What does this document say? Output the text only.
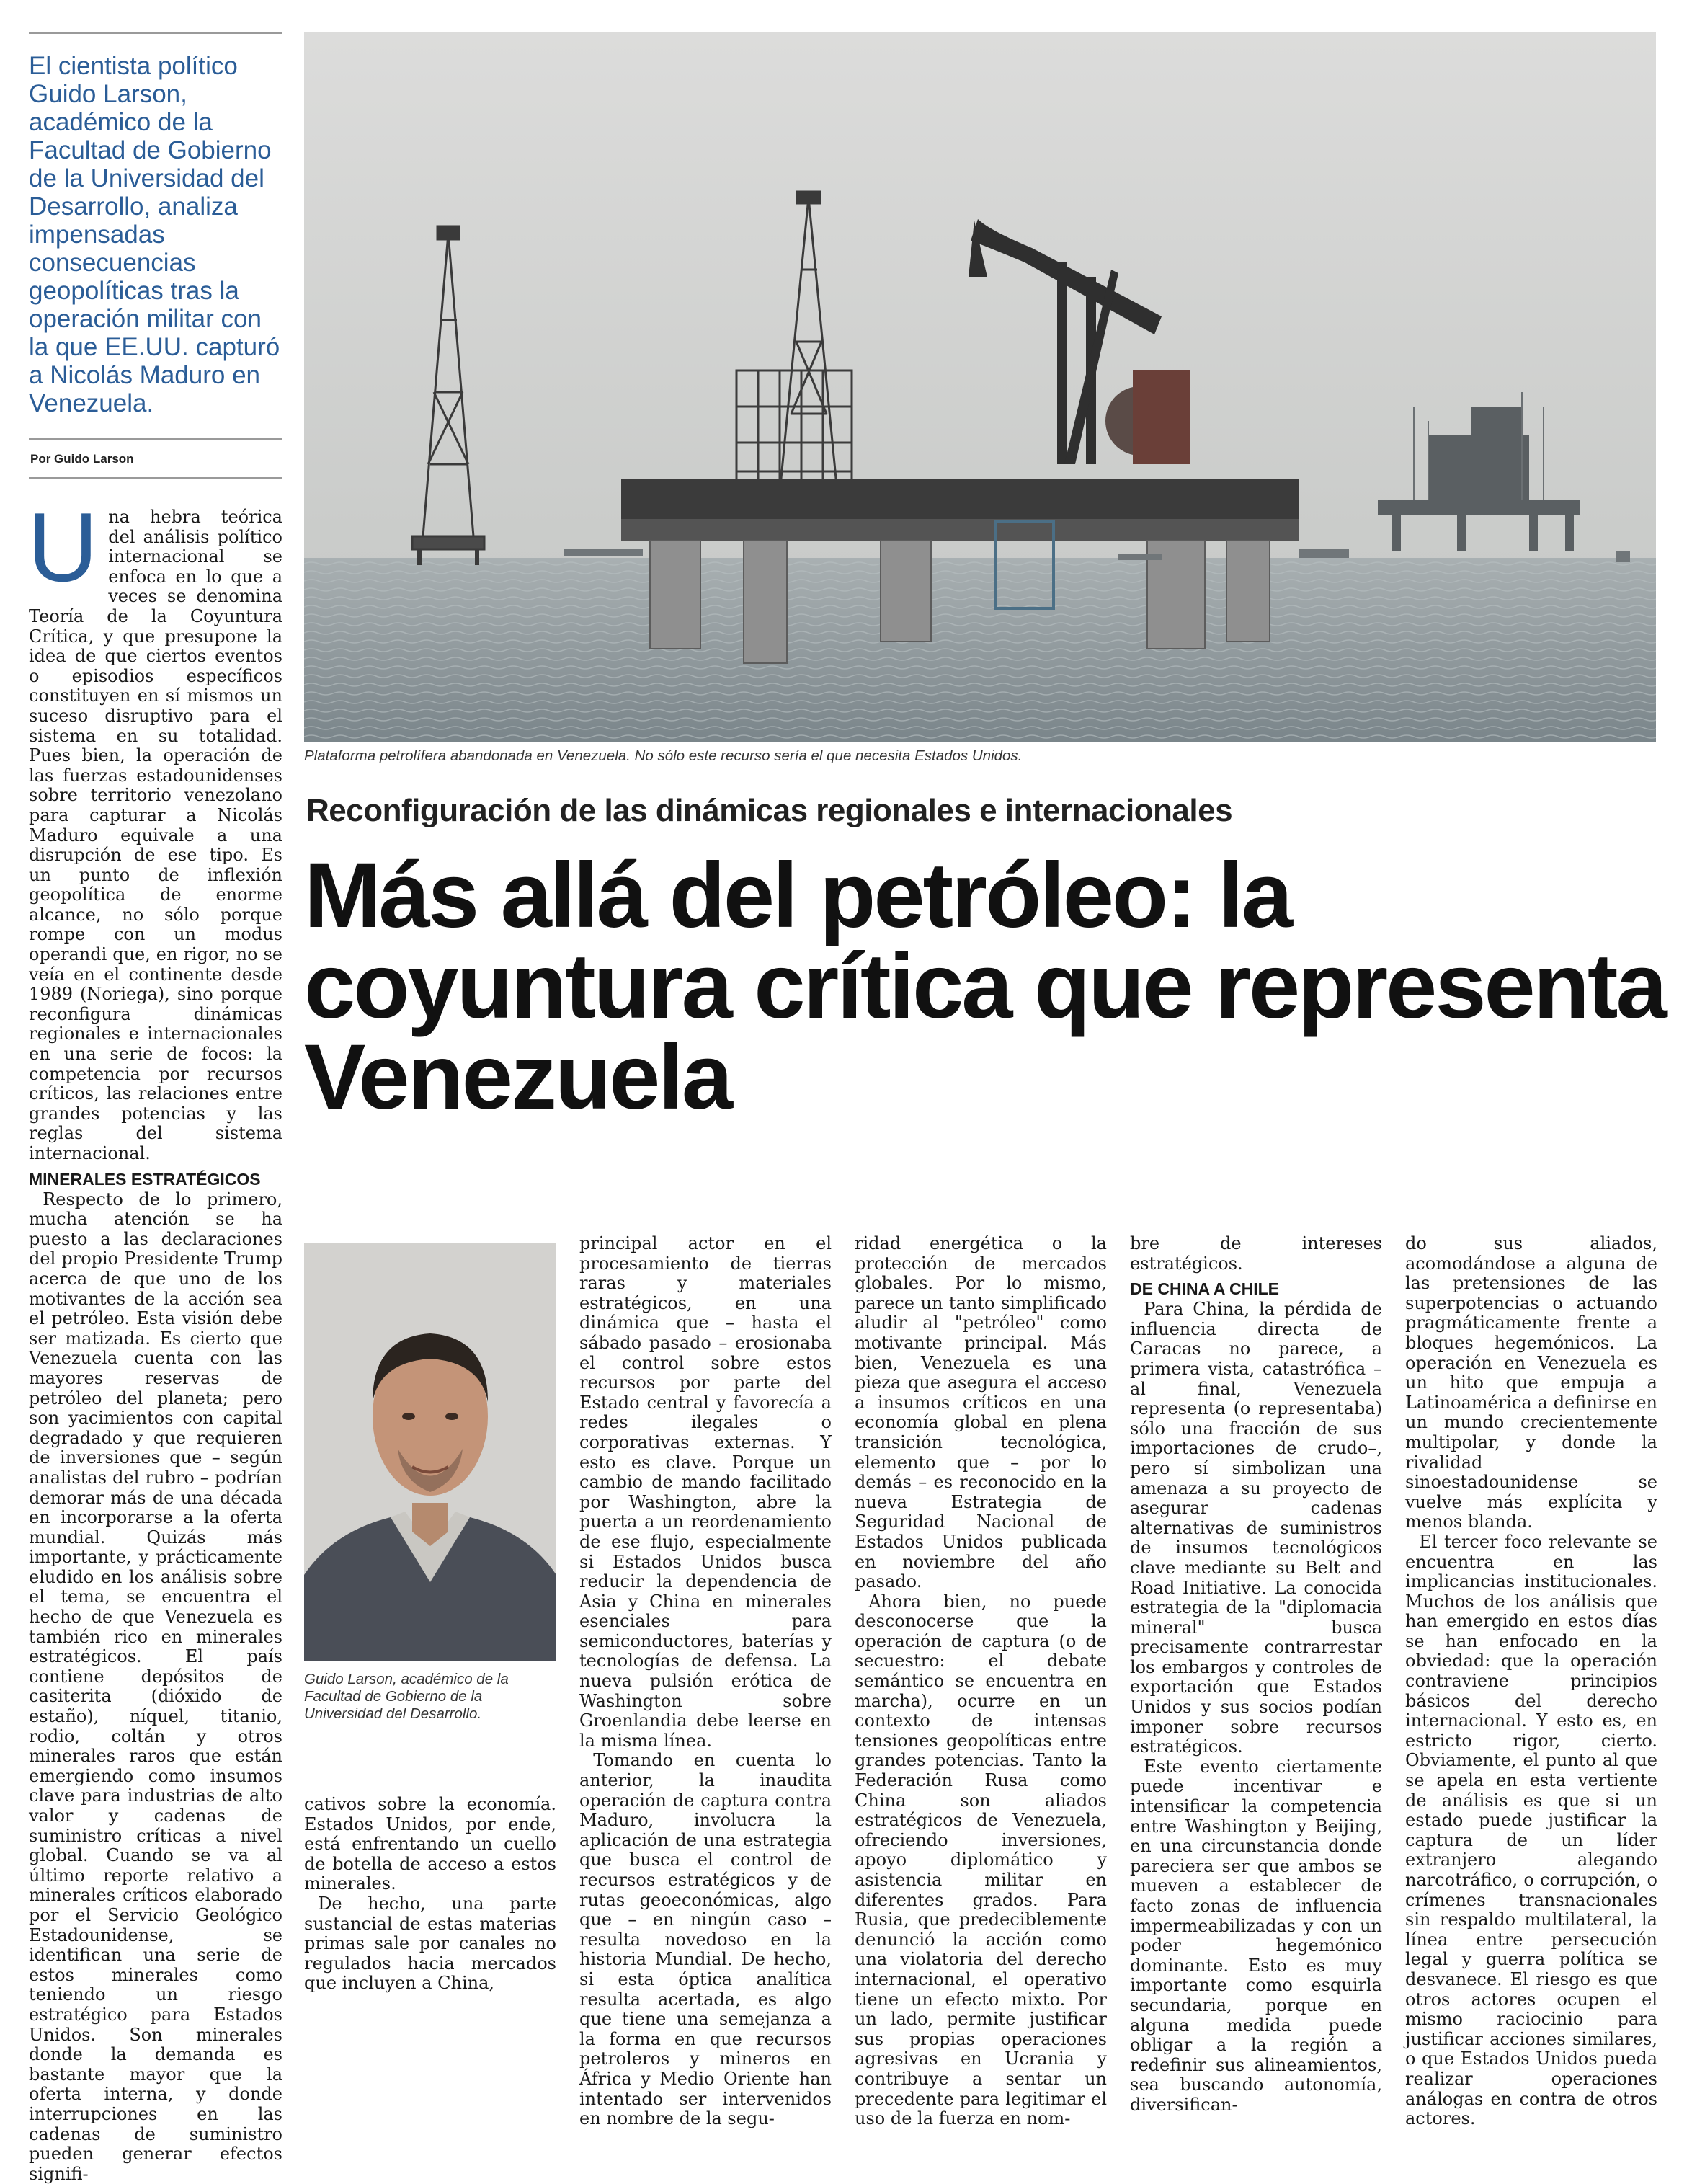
El cientista político Guido Larson, académico de la Facultad de Gobierno de la Universidad del Desarrollo, analiza impensadas consecuencias geopolíticas tras la operación militar con la que EE.UU. capturó a Nicolás Maduro en Venezuela.
Por Guido Larson
U na hebra teórica del análisis político internacional se enfoca en lo que a veces se denomina Teoría de la Coyuntura Crítica, y que presupone la idea de que ciertos eventos o episodios específicos constituyen en sí mismos un suceso disruptivo para el sistema en su totalidad. Pues bien, la operación de las fuerzas estadounidenses sobre territorio venezolano para capturar a Nicolás Maduro equivale a una disrupción de ese tipo. Es un punto de inflexión geopolítica de enorme alcance, no sólo porque rompe con un modus operandi que, en rigor, no se veía en el continente desde 1989 (Noriega), sino porque reconfigura dinámicas regionales e internacionales en una serie de focos: la competencia por recursos críticos, las relaciones entre grandes potencias y las reglas del sistema internacional.

MINERALES ESTRATÉGICOS

Respecto de lo primero, mucha atención se ha puesto a las declaraciones del propio Presidente Trump acerca de que uno de los motivantes de la acción sea el petróleo. Esta visión debe ser matizada. Es cierto que Venezuela cuenta con las mayores reservas de petróleo del planeta; pero son yacimientos con capital degradado y que requieren de inversiones que – según analistas del rubro – podrían demorar más de una década en incorporarse a la oferta mundial. Quizás más importante, y prácticamente eludido en los análisis sobre el tema, se encuentra el hecho de que Venezuela es también rico en minerales estratégicos. El país contiene depósitos de casiterita (dióxido de estaño), níquel, titanio, rodio, coltán y otros minerales raros que están emergiendo como insumos clave para industrias de alto valor y cadenas de suministro críticas a nivel global. Cuando se va al último reporte relativo a minerales críticos elaborado por el Servicio Geológico Estadounidense, se identifican una serie de estos minerales como teniendo un riesgo estratégico para Estados Unidos. Son minerales donde la demanda es bastante mayor que la oferta interna, y donde interrupciones en las cadenas de suministro pueden generar efectos signifi-

Plataforma petrolífera abandonada en Venezuela. No sólo este recurso sería el que necesita Estados Unidos.
Reconfiguración de las dinámicas regionales e internacionales
Más allá del petróleo: la coyuntura crítica que representa Venezuela
Guido Larson, académico de la Facultad de Gobierno de la Universidad del Desarrollo.

cativos sobre la economía. Estados Unidos, por ende, está enfrentando un cuello de botella de acceso a estos minerales.

De hecho, una parte sustancial de estas materias primas sale por canales no regulados hacia mercados que incluyen a China,

principal actor en el procesamiento de tierras raras y materiales estratégicos, en una dinámica que – hasta el sábado pasado – erosionaba el control sobre estos recursos por parte del Estado central y favorecía a redes ilegales o corporativas externas. Y esto es clave. Porque un cambio de mando facilitado por Washington, abre la puerta a un reordenamiento de ese flujo, especialmente si Estados Unidos busca reducir la dependencia de Asia y China en minerales esenciales para semiconductores, baterías y tecnologías de defensa. La nueva pulsión erótica de Washington sobre Groenlandia debe leerse en la misma línea.

Tomando en cuenta lo anterior, la inaudita operación de captura contra Maduro, involucra la aplicación de una estrategia que busca el control de recursos estratégicos y de rutas geoeconómicas, algo que – en ningún caso – resulta novedoso en la historia Mundial. De hecho, si esta óptica analítica resulta acertada, es algo que tiene una semejanza a la forma en que recursos petroleros y mineros en África y Medio Oriente han intentado ser intervenidos en nombre de la segu-

ridad energética o la protección de mercados globales. Por lo mismo, parece un tanto simplificado aludir al "petróleo" como motivante principal. Más bien, Venezuela es una pieza que asegura el acceso a insumos críticos en una economía global en plena transición tecnológica, elemento que – por lo demás – es reconocido en la nueva Estrategia de Seguridad Nacional de Estados Unidos publicada en noviembre del año pasado.

Ahora bien, no puede desconocerse que la operación de captura (o de secuestro: el debate semántico se encuentra en marcha), ocurre en un contexto de intensas tensiones geopolíticas entre grandes potencias. Tanto la Federación Rusa como China son aliados estratégicos de Venezuela, ofreciendo inversiones, apoyo diplomático y asistencia militar en diferentes grados. Para Rusia, que predeciblemente denunció la acción como una violatoria del derecho internacional, el operativo tiene un efecto mixto. Por un lado, permite justificar sus propias operaciones agresivas en Ucrania y contribuye a sentar un precedente para legitimar el uso de la fuerza en nom-

bre de intereses estratégicos.

DE CHINA A CHILE

Para China, la pérdida de influencia directa de Caracas no parece, a primera vista, catastrófica –al final, Venezuela representa (o representaba) sólo una fracción de sus importaciones de crudo–, pero sí simbolizan una amenaza a su proyecto de asegurar cadenas alternativas de suministros de insumos tecnológicos clave mediante su Belt and Road Initiative. La conocida estrategia de la "diplomacia mineral" busca precisamente contrarrestar los embargos y controles de exportación que Estados Unidos y sus socios podían imponer sobre recursos estratégicos.

Este evento ciertamente puede incentivar e intensificar la competencia entre Washington y Beijing, en una circunstancia donde pareciera ser que ambos se mueven a establecer de facto zonas de influencia impermeabilizadas y con un poder hegemónico dominante. Esto es muy importante como esquirla secundaria, porque en alguna medida puede obligar a la región a redefinir sus alineamientos, sea buscando autonomía, diversifican-

do sus aliados, acomodándose a alguna de las pretensiones de las superpotencias o actuando pragmáticamente frente a bloques hegemónicos. La operación en Venezuela es un hito que empuja a Latinoamérica a definirse en un mundo crecientemente multipolar, y donde la rivalidad sinoestadounidense se vuelve más explícita y menos blanda.

El tercer foco relevante se encuentra en las implicancias institucionales. Muchos de los análisis que han emergido en estos días se han enfocado en la obviedad: que la operación contraviene principios básicos del derecho internacional. Y esto es, en estricto rigor, cierto. Obviamente, el punto al que se apela en esta vertiente de análisis es que si un estado puede justificar la captura de un líder extranjero alegando narcotráfico, o corrupción, o crímenes transnacionales sin respaldo multilateral, la línea entre persecución legal y guerra política se desvanece. El riesgo es que otros actores ocupen el mismo raciocinio para justificar acciones similares, o que Estados Unidos pueda realizar operaciones análogas en contra de otros actores.
